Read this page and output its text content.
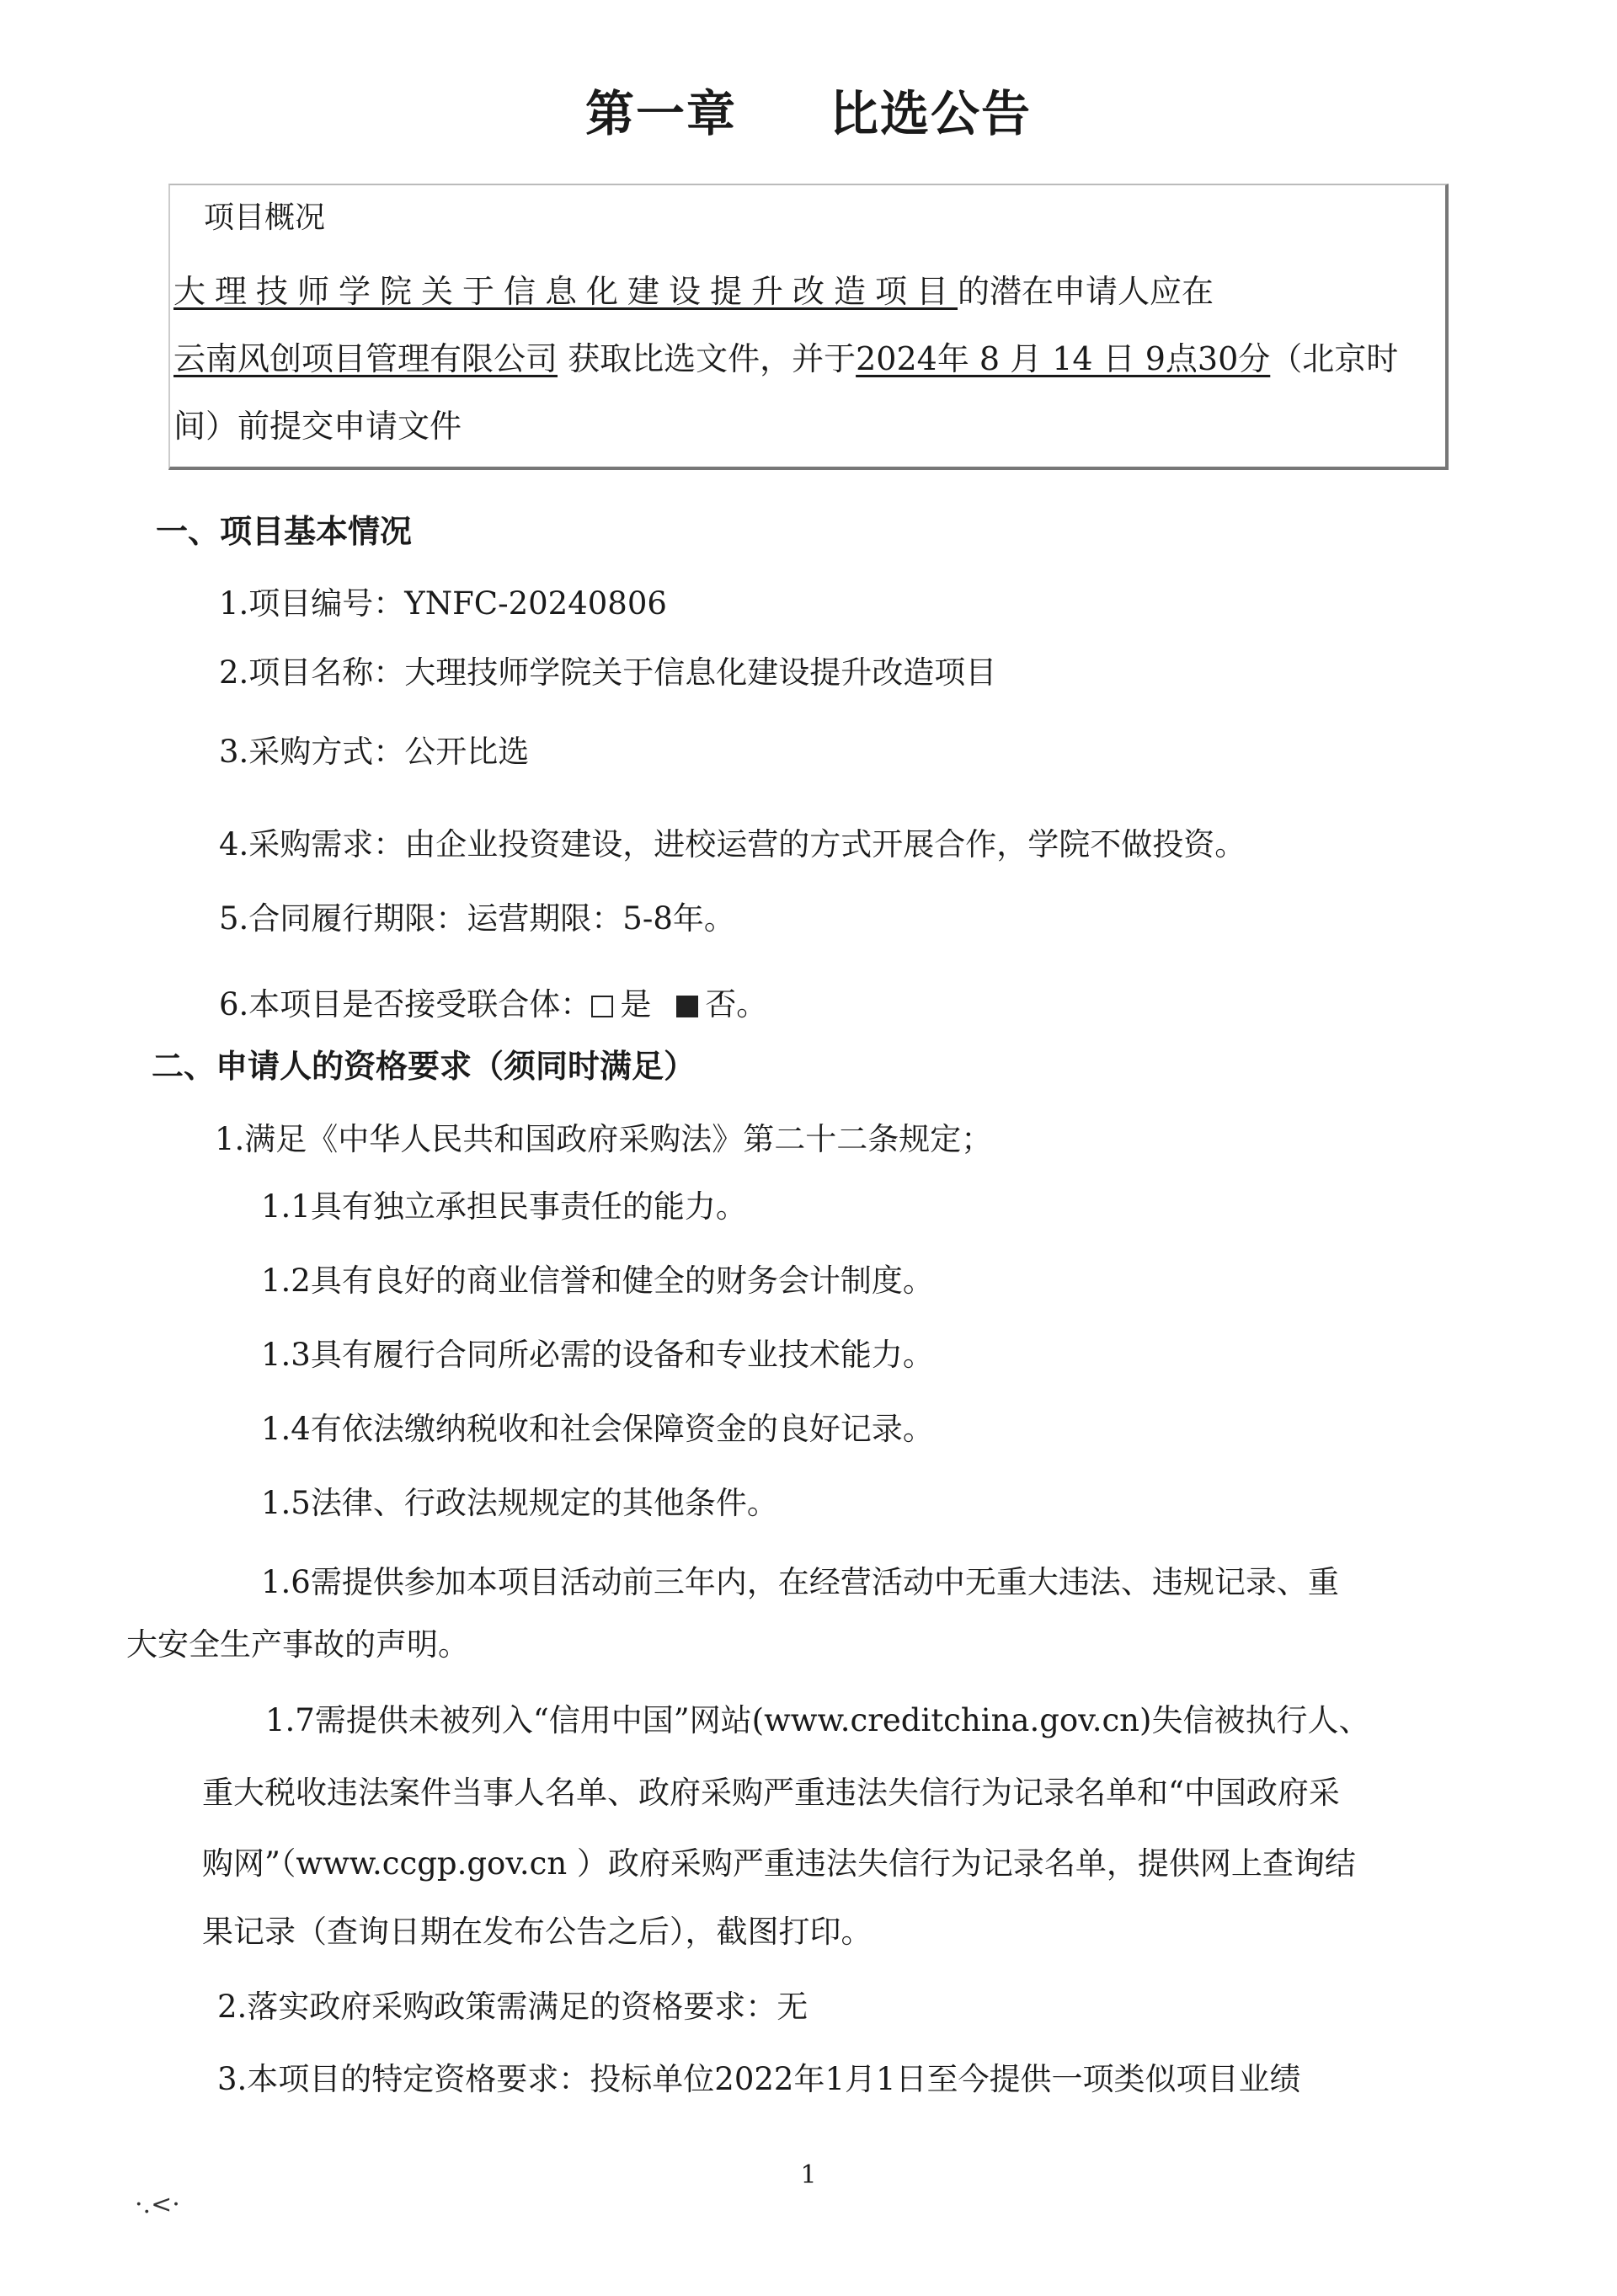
第一章 比选公告
项目概况
大理技师学院关于信息化建设提升改造项目的潜在申请人应在
云南风创项目管理有限公司 获取比选文件，并于2024年 8 月 14 日 9点30分（北京时
间）前提交申请文件
一、项目基本情况
1.项目编号：YNFC-20240806
2.项目名称：大理技师学院关于信息化建设提升改造项目
3.采购方式：公开比选
4.采购需求：由企业投资建设，进校运营的方式开展合作，学院不做投资。
5.合同履行期限：运营期限：5-8年。
6.本项目是否接受联合体： 是 否。
二、申请人的资格要求（须同时满足）
1.满足《中华人民共和国政府采购法》第二十二条规定；
1.1具有独立承担民事责任的能力。
1.2具有良好的商业信誉和健全的财务会计制度。
1.3具有履行合同所必需的设备和专业技术能力。
1.4有依法缴纳税收和社会保障资金的良好记录。
1.5法律、行政法规规定的其他条件。
1.6需提供参加本项目活动前三年内，在经营活动中无重大违法、违规记录、重
大安全生产事故的声明。
1.7需提供未被列入“信用中国”网站(www.creditchina.gov.cn)失信被执行人、
重大税收违法案件当事人名单、政府采购严重违法失信行为记录名单和“中国政府采
购网”（www.ccgp.gov.cn ）政府采购严重违法失信行为记录名单，提供网上查询结
果记录（查询日期在发布公告之后），截图打印。
2.落实政府采购政策需满足的资格要求：无
3.本项目的特定资格要求：投标单位2022年1月1日至今提供一项类似项目业绩
1
·.<·
